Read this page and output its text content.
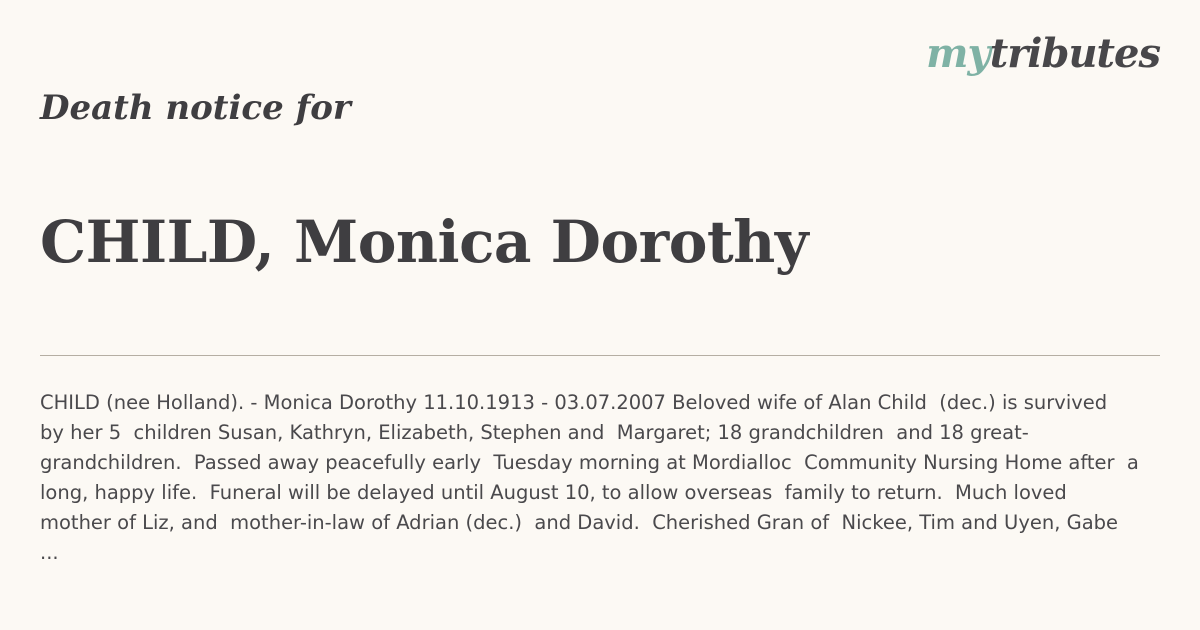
mytributes
Death notice for
CHILD, Monica Dorothy

CHILD (nee Holland). - Monica Dorothy 11.10.1913 - 03.07.2007 Beloved wife of Alan Child  (dec.) is survived
by her 5  children Susan, Kathryn, Elizabeth, Stephen and  Margaret; 18 grandchildren  and 18 great-
grandchildren.  Passed away peacefully early  Tuesday morning at Mordialloc  Community Nursing Home after  a
long, happy life.  Funeral will be delayed until August 10, to allow overseas  family to return.  Much loved
mother of Liz, and  mother-in-law of Adrian (dec.)  and David.  Cherished Gran of  Nickee, Tim and Uyen, Gabe
...
